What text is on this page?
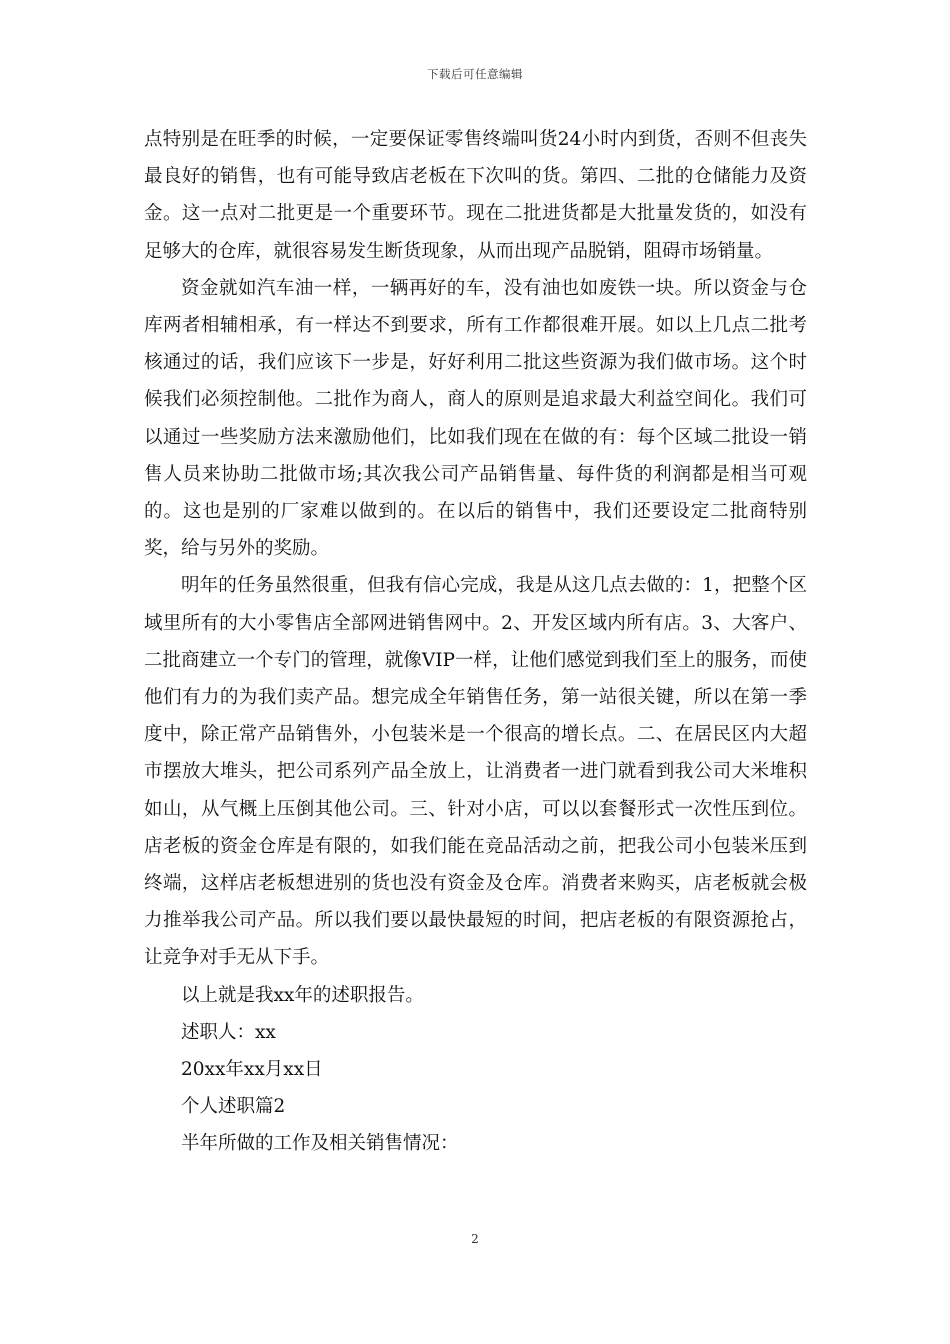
下载后可任意编辑

点特别是在旺季的时候，一定要保证零售终端叫货24小时内到货，否则不但丧失最良好的销售，也有可能导致店老板在下次叫的货。第四、二批的仓储能力及资金。这一点对二批更是一个重要环节。现在二批进货都是大批量发货的，如没有足够大的仓库，就很容易发生断货现象，从而出现产品脱销，阻碍市场销量。

资金就如汽车油一样，一辆再好的车，没有油也如废铁一块。所以资金与仓库两者相辅相承，有一样达不到要求，所有工作都很难开展。如以上几点二批考核通过的话，我们应该下一步是，好好利用二批这些资源为我们做市场。这个时候我们必须控制他。二批作为商人，商人的原则是追求最大利益空间化。我们可以通过一些奖励方法来激励他们，比如我们现在在做的有：每个区域二批设一销售人员来协助二批做市场;其次我公司产品销售量、每件货的利润都是相当可观的。这也是别的厂家难以做到的。在以后的销售中，我们还要设定二批商特别奖，给与另外的奖励。

明年的任务虽然很重，但我有信心完成，我是从这几点去做的：1，把整个区域里所有的大小零售店全部网进销售网中。2、开发区域内所有店。3、大客户、二批商建立一个专门的管理，就像VIP一样，让他们感觉到我们至上的服务，而使他们有力的为我们卖产品。想完成全年销售任务，第一站很关键，所以在第一季度中，除正常产品销售外，小包装米是一个很高的增长点。二、在居民区内大超市摆放大堆头，把公司系列产品全放上，让消费者一进门就看到我公司大米堆积如山，从气概上压倒其他公司。三、针对小店，可以以套餐形式一次性压到位。店老板的资金仓库是有限的，如我们能在竞品活动之前，把我公司小包装米压到终端，这样店老板想进别的货也没有资金及仓库。消费者来购买，店老板就会极力推举我公司产品。所以我们要以最快最短的时间，把店老板的有限资源抢占，让竞争对手无从下手。

以上就是我xx年的述职报告。

述职人：xx

20xx年xx月xx日

个人述职篇2

半年所做的工作及相关销售情况：

2
